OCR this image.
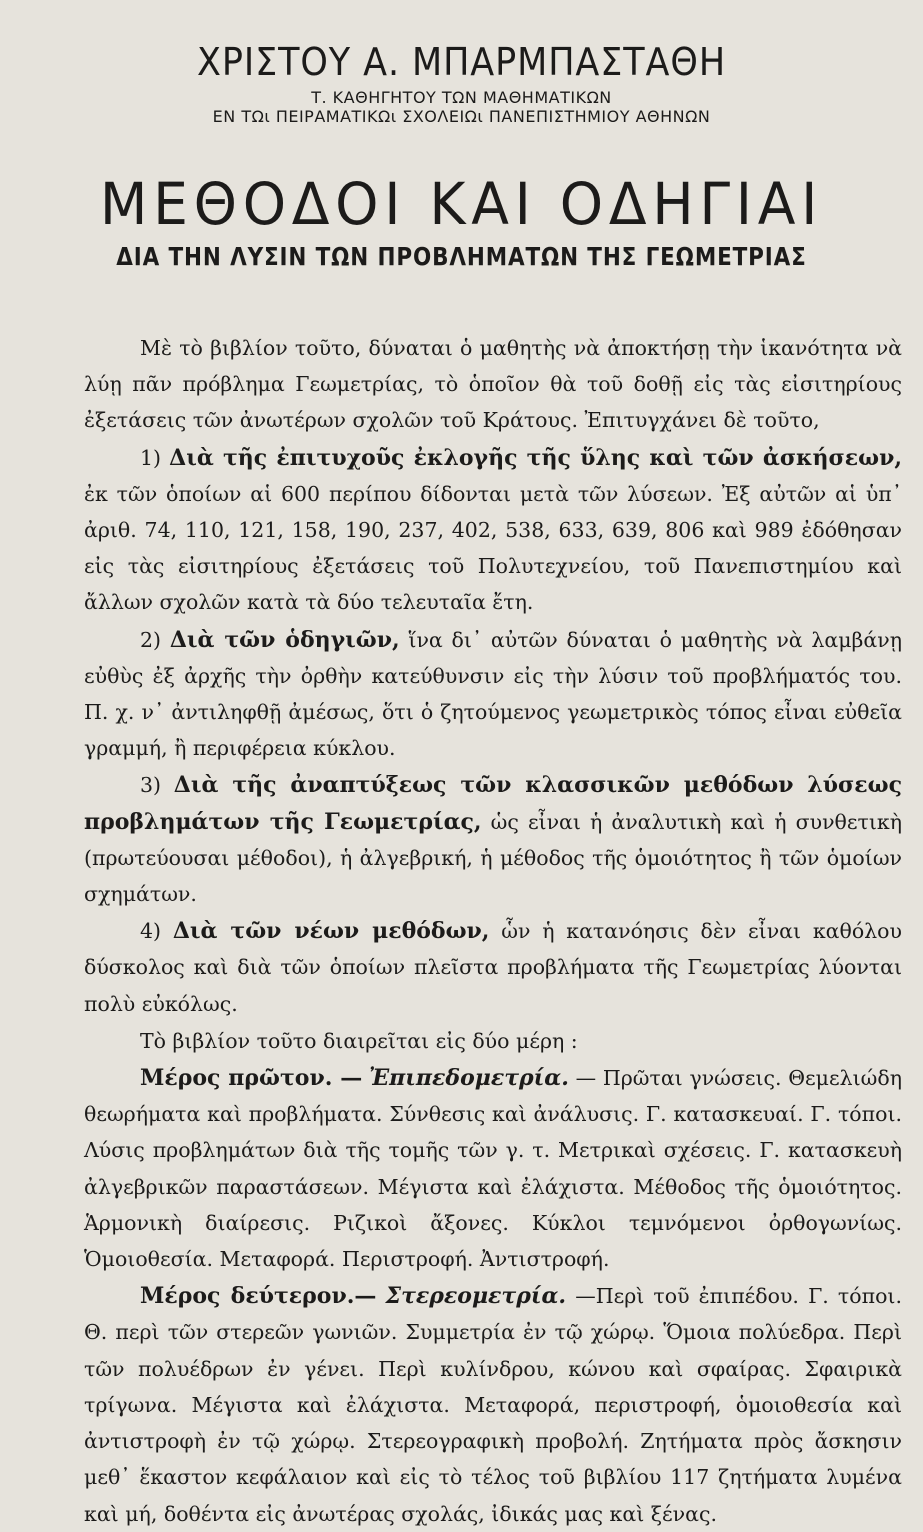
ΧΡΙΣΤΟΥ Α. ΜΠΑΡΜΠΑΣΤΑΘΗ
Τ. ΚΑΘΗΓΗΤΟΥ ΤΩΝ ΜΑΘΗΜΑΤΙΚΩΝ
ΕΝ ΤΩι ΠΕΙΡΑΜΑΤΙΚΩι ΣΧΟΛΕΙΩι ΠΑΝΕΠΙΣΤΗΜΙΟΥ ΑΘΗΝΩΝ
ΜΕΘΟΔΟΙ ΚΑΙ ΟΔΗΓΙΑΙ
ΔΙΑ ΤΗΝ ΛΥΣΙΝ ΤΩΝ ΠΡΟΒΛΗΜΑΤΩΝ ΤΗΣ ΓΕΩΜΕΤΡΙΑΣ

Μὲ τὸ βιβλίον τοῦτο, δύναται ὁ μαθητὴς νὰ ἀποκτήσῃ τὴν ἱκανότητα νὰ λύῃ πᾶν πρόβλημα Γεωμετρίας, τὸ ὁποῖον θὰ τοῦ δοθῇ εἰς τὰς εἰσιτηρίους ἐξετάσεις τῶν ἀνωτέρων σχολῶν τοῦ Κράτους. Ἐπιτυγχάνει δὲ τοῦτο,

1) Διὰ τῆς ἐπιτυχοῦς ἐκλογῆς τῆς ὕλης καὶ τῶν ἀσκήσεων, ἐκ τῶν ὁποίων αἱ 600 περίπου δίδονται μετὰ τῶν λύσεων. Ἐξ αὐτῶν αἱ ὑπ᾿ ἀριθ. 74, 110, 121, 158, 190, 237, 402, 538, 633, 639, 806 καὶ 989 ἐδόθησαν εἰς τὰς εἰσιτηρίους ἐξετάσεις τοῦ Πολυτεχνείου, τοῦ Πανεπιστημίου καὶ ἄλλων σχολῶν κατὰ τὰ δύο τελευταῖα ἔτη.

2) Διὰ τῶν ὁδηγιῶν, ἵνα δι᾿ αὐτῶν δύναται ὁ μαθητὴς νὰ λαμβάνῃ εὐθὺς ἐξ ἀρχῆς τὴν ὀρθὴν κατεύθυνσιν εἰς τὴν λύσιν τοῦ προβλήματός του. Π. χ. ν᾿ ἀντιληφθῇ ἀμέσως, ὅτι ὁ ζητούμενος γεωμετρικὸς τόπος εἶναι εὐθεῖα γραμμή, ἢ περιφέρεια κύκλου.

3) Διὰ τῆς ἀναπτύξεως τῶν κλασσικῶν μεθόδων λύσεως προβλημάτων τῆς Γεωμετρίας, ὡς εἶναι ἡ ἀναλυτικὴ καὶ ἡ συνθετικὴ (πρωτεύουσαι μέθοδοι), ἡ ἀλγεβρική, ἡ μέθοδος τῆς ὁμοιότητος ἢ τῶν ὁμοίων σχημάτων.

4) Διὰ τῶν νέων μεθόδων, ὧν ἡ κατανόησις δὲν εἶναι καθόλου δύσκολος καὶ διὰ τῶν ὁποίων πλεῖστα προβλήματα τῆς Γεωμετρίας λύονται πολὺ εὐκόλως.

Τὸ βιβλίον τοῦτο διαιρεῖται εἰς δύο μέρη :

Μέρος πρῶτον. — Ἐπιπεδομετρία. — Πρῶται γνώσεις. Θεμελιώδη θεωρήματα καὶ προβλήματα. Σύνθεσις καὶ ἀνάλυσις. Γ. κατασκευαί. Γ. τόποι. Λύσις προβλημάτων διὰ τῆς τομῆς τῶν γ. τ. Μετρικαὶ σχέσεις. Γ. κατασκευὴ ἀλγεβρικῶν παραστάσεων. Μέγιστα καὶ ἐλάχιστα. Μέθοδος τῆς ὁμοιότητος. Ἁρμονικὴ διαίρεσις. Ριζικοὶ ἄξονες. Κύκλοι τεμνόμενοι ὀρθογωνίως. Ὁμοιοθεσία. Μεταφορά. Περιστροφή. Ἀντιστροφή.

Μέρος δεύτερον.— Στερεομετρία. —Περὶ τοῦ ἐπιπέδου. Γ. τόποι. Θ. περὶ τῶν στερεῶν γωνιῶν. Συμμετρία ἐν τῷ χώρῳ. Ὅμοια πολύεδρα. Περὶ τῶν πολυέδρων ἐν γένει. Περὶ κυλίνδρου, κώνου καὶ σφαίρας. Σφαιρικὰ τρίγωνα. Μέγιστα καὶ ἐλάχιστα. Μεταφορά, περιστροφή, ὁμοιοθεσία καὶ ἀντιστροφὴ ἐν τῷ χώρῳ. Στερεογραφικὴ προβολή. Ζητήματα πρὸς ἄσκησιν μεθ᾿ ἕκαστον κεφάλαιον καὶ εἰς τὸ τέλος τοῦ βιβλίου 117 ζητήματα λυμένα καὶ μή, δοθέντα εἰς ἀνωτέρας σχολάς, ἰδικάς μας καὶ ξένας.
